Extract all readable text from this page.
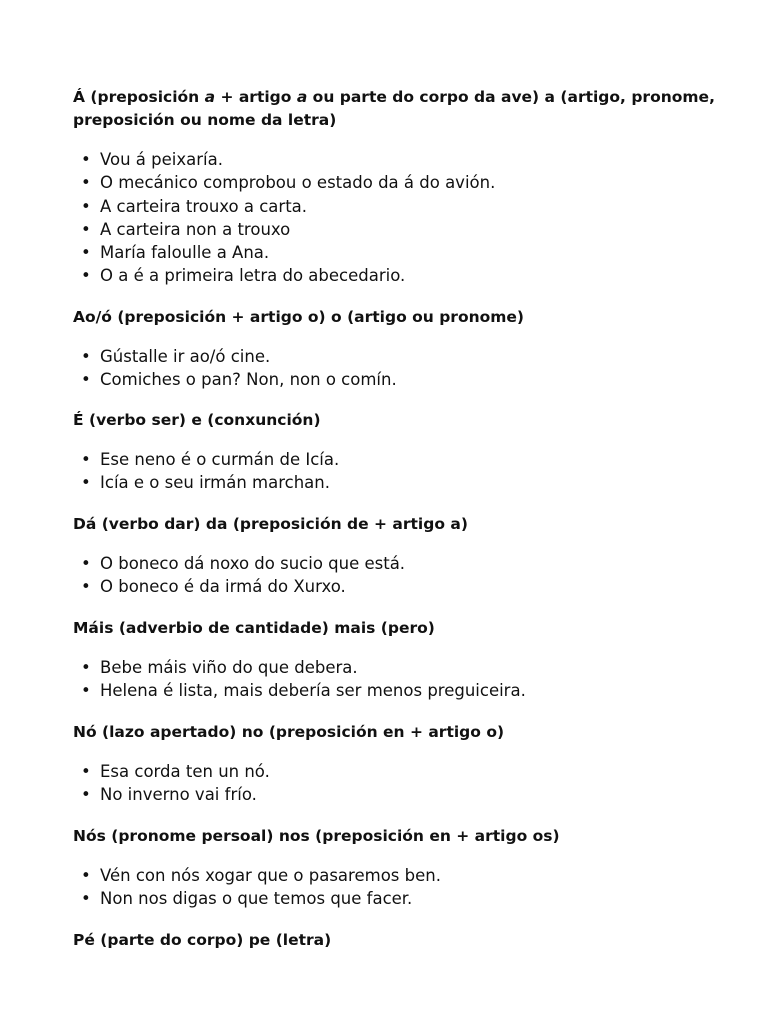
Á (preposición a + artigo a ou parte do corpo da ave) a (artigo, pronome, preposición ou nome da letra)

• Vou á peixaría.
• O mecánico comprobou o estado da á do avión.
• A carteira trouxo a carta.
• A carteira non a trouxo
• María faloulle a Ana.
• O a é a primeira letra do abecedario.

Ao/ó (preposición + artigo o) o (artigo ou pronome)

• Gústalle ir ao/ó cine.
• Comiches o pan? Non, non o comín.

É (verbo ser) e (conxunción)

• Ese neno é o curmán de Icía.
• Icía e o seu irmán marchan.

Dá (verbo dar) da (preposición de + artigo a)

• O boneco dá noxo do sucio que está.
• O boneco é da irmá do Xurxo.

Máis (adverbio de cantidade) mais (pero)

• Bebe máis viño do que debera.
• Helena é lista, mais debería ser menos preguiceira.

Nó (lazo apertado) no (preposición en + artigo o)

• Esa corda ten un nó.
• No inverno vai frío.

Nós (pronome persoal) nos (preposición en + artigo os)

• Vén con nós xogar que o pasaremos ben.
• Non nos digas o que temos que facer.

Pé (parte do corpo) pe (letra)
